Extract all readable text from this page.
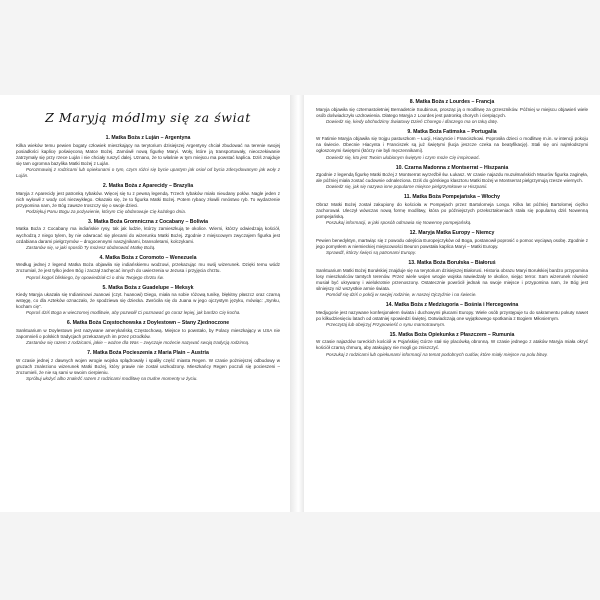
Z Maryją módlmy się za świat
1. Matka Boża z Luján – Argentyna

Kilka wieków temu pewien bogaty człowiek mieszkający na terytorium dzisiejszej Argentyny chciał zbudować na terenie swojej posiadłości kaplicę poświęconą Matce Bożej. Zamówił nową figurkę Maryi. Woły, które ją transportowały, nieoczekiwanie zatrzymały się przy rzece Luján i nie chciały ruszyć dalej. Uznano, że to właśnie w tym miejscu ma powstać kaplica. Dziś znajduje się tam ogromna bazylika Matki Bożej z Luján.

Porozmawiaj z rodzicami lub opiekunami o tym, czym różni się bycie upartym jak osioł od bycia zdecydowanym jak woły z Luján.

2. Matka Boża z Aparecidy – Brazylia

Maryja z Aparecidy jest patronką rybaków. Więcej się tu z pewną legendą. Trzech rybaków miało nieudany połów. Nagle jeden z nich wyłowił z wody coś niezwykłego. Okazało się, że to figurka Matki Bożej. Potem rybacy złowili mnóstwo ryb. To wydarzenie przypomina nam, że Bóg zawsze troszczy się o swoje dzieci.

Podziękuj Panu Bogu za pożywienie, którym Cię obdarowuje Cię każdego dnia.

3. Matka Boża Gromniczna z Cocabany – Boliwia

Matka Boża z Cocabany ma indiańskie rysy, tak jak ludzie, którzy zamieszkują te okolice. Wierni, którzy odwiedzają kościół, wychodzą z niego tylem, by nie odwracać się plecami do wizerunku Matki Bożej. Zgodnie z miejscowym zwyczajem figurka jest ozdabiana darami pielgrzymów – drogocennymi naszyjnikami, bransoletami, kolczykami.

Zastanów się, w jaki sposób Ty możesz obdarować Matkę Bożą.

4. Matka Boża z Coromoto – Wenezuela

Według jednej z legend Matka Boża objawiła się indiańskiemu wodzowi, przekazując mu swój wizerunek. Dzięki temu wódz zrozumiał, że jest tylko jeden Bóg i zaczął zachęcać innych do uwierzenia w Jezusa i przyjęcia chrztu.

Poproś kogoś bliskiego, by opowiedział Ci o dniu Twojego chrztu św.

5. Matka Boża z Guadelupe – Meksyk

Kiedy Maryja ukazała się Indianinowi Juanowi (czyt. huanowi) Diego, miała na sobie różową tunikę, błękitny płaszcz oraz czarną wstęgę, co dla Azteków oznaczało, że spodziewa się dziecka. Zwróciła się do Juana w jego ojczystym języku, mówiąc: „Synku, kocham cię”.

Poproś dziś Boga w wieczornej modlitwie, aby pozwolił Ci poznawać go coraz lepiej, jak bardzo Cię kocha.

6. Matka Boża Częstochowska z Doylestown – Stany Zjednoczone

Sanktuarium w Doylestown jest nazywane amerykańską Częstochową. Miejsce to powstało, by Polacy mieszkający w USA nie zapomnieli o polskich tradycjach przekazanych im przez przodków.

Zastanów się razem z rodzicami, jakie – ważne dla Was – zwyczaje możecie nazywać swoją tradycją rodzinną.

7. Matka Boża Pocieszenia z Maria Plain – Austria

W czasie jednej z dawnych wojen wrogie wojska splądrowały i spaliły część miasta Regen. W czasie pożniejszej odbudowy w gruzach znaleziono wizerunek Matki Bożej, który prawie nie został uszkodzony. Mieszkańcy Regen poczuli się pocieszeni – zrozumieli, że nie są sami w swoim cierpieniu.

Spróbuj ułożyć albo znaleźć razem z rodzicami modlitwę na trudne momenty w życiu.

8. Matka Boża z Lourdes – Francja

Maryja objawiła się czternastoletniej Bernadetcie Soubirous, prosząc ją o modlitwę za grzeszników. Później w miejscu objawień wiele osób doświadczyło uzdrowienia. Dlatego Maryja z Lourdes jest patronką chorych i cierpiących.

Dowiedz się, kiedy obchodzimy Światowy Dzień Chorego i dlaczego ma on taką datę.

9. Matka Boża Fatimska – Portugalia

W Fatimie Maryja objawiła się trojgu pastuszkom – Łucji, Hiacyncie i Franciszkowi. Poprosiła dzieci o modlitwę m.in. w intencji pokoju na świecie. Obecnie Hiacynta i Franciszek są już świętymi (łucja jeszcze czeka na beatyfikację). Stali się oni najmłodszymi ogłoszonymi świętymi (którzy nie byli męczennikami).

Dowiedz się, kto jest Twoim ulubionym świętym i czym może Cię inspirować.

10. Czarna Madonna z Montserrat – Hiszpania

Zgodnie z legendą figurkę Matki Bożej z Montserrat wyrzeźbił św. Łukasz. W czasie najazdu muzułmańskich Maurów figurka zaginęła, ale później miała zostać cudownie odnaleziona. Dziś do górskiego klasztoru Matki Bożej w Montserrat pielgrzymują rzesze wiernych.

Dowiedz się, jak się nazywa inne popularne miejsce pielgrzymkowe w Hiszpanii.

11. Matka Boża Pompejańska – Włochy

Obraz Matki Bożej został zakupiony do kościoła w Pompejach przez Bartolomeja Longo. Kilka lat później Bartolomej ciężko zachorował. Uleczył wówczas nową formę modlitwy, która po późniejszych przekształceniach stała się popularną dziś Nowenną pompejańską.

Poszukaj informacji, w jaki sposób odmawia się Nowennę pompejańską.

12. Maryja Matka Europy – Niemcy

Pewien benedyktyn, martwiąc się z powodu odejścia Europejczyków od Boga, postanowił poprosić o pomoc wyciąwą osobę. Zgodnie z jego pomysłem w niemieckiej miejscowości Beuron powstała kaplica Maryi – Matki Europy.

Sprawdź, którzy święci są patronami Europy.

13. Matka Boża Borułska – Białoruś

Sanktuarium Matki Bożej Borułskiej znajduje się na terytorium dzisiejszej Białorusi. Historia obrazu Maryi Borułskiej bardzo przypomina losy mieszkańców tamtych terenów. Przez wiele wojen wrogie wojska nawiedzały te okolice, siejąc terror. Sam wizerunek również musiał być ukrywany i wielokrotnie przenoszony. Ostatecznie powrócił jednak na swoje miejsce i przypomina nam, że Bóg jest silniejszy niż wszystkie armie świata.

Pomódl się dziś o pokój w swojej rodzinie, w naszej Ojczyźnie i na świecie.

14. Matka Boża z Medziugoria – Bośnia i Hercegowina

Medjugorie jest nazywane konfesjonałem świata i duchowymi płucami Europy. Wiele osób przystępuje tu do sakramentu pokuty nawet po kilkudziesięciu latach od ostatniej spowiedzi świętej. Dotwiadczają one wyjątkowego spotkania z Bogiem Miłosiernym.

Przeczytaj lub obejrzyj Przypowieść o synu marnotrawnym.

15. Matka Boża Opiekunka z Płaszczem – Rumunia

W czasie najazdów tureckich kościół w Pojańskiej Górze stał się placówką obronną. W czasie jednego z ataków Maryja miała okryć kościół czarną chmurą, aby atakujący nie mogli go zniszczyć.

Poszukaj z rodzicami lub opiekunami informacji na temat podobnych cudów, które miały miejsce na polu bitwy.
